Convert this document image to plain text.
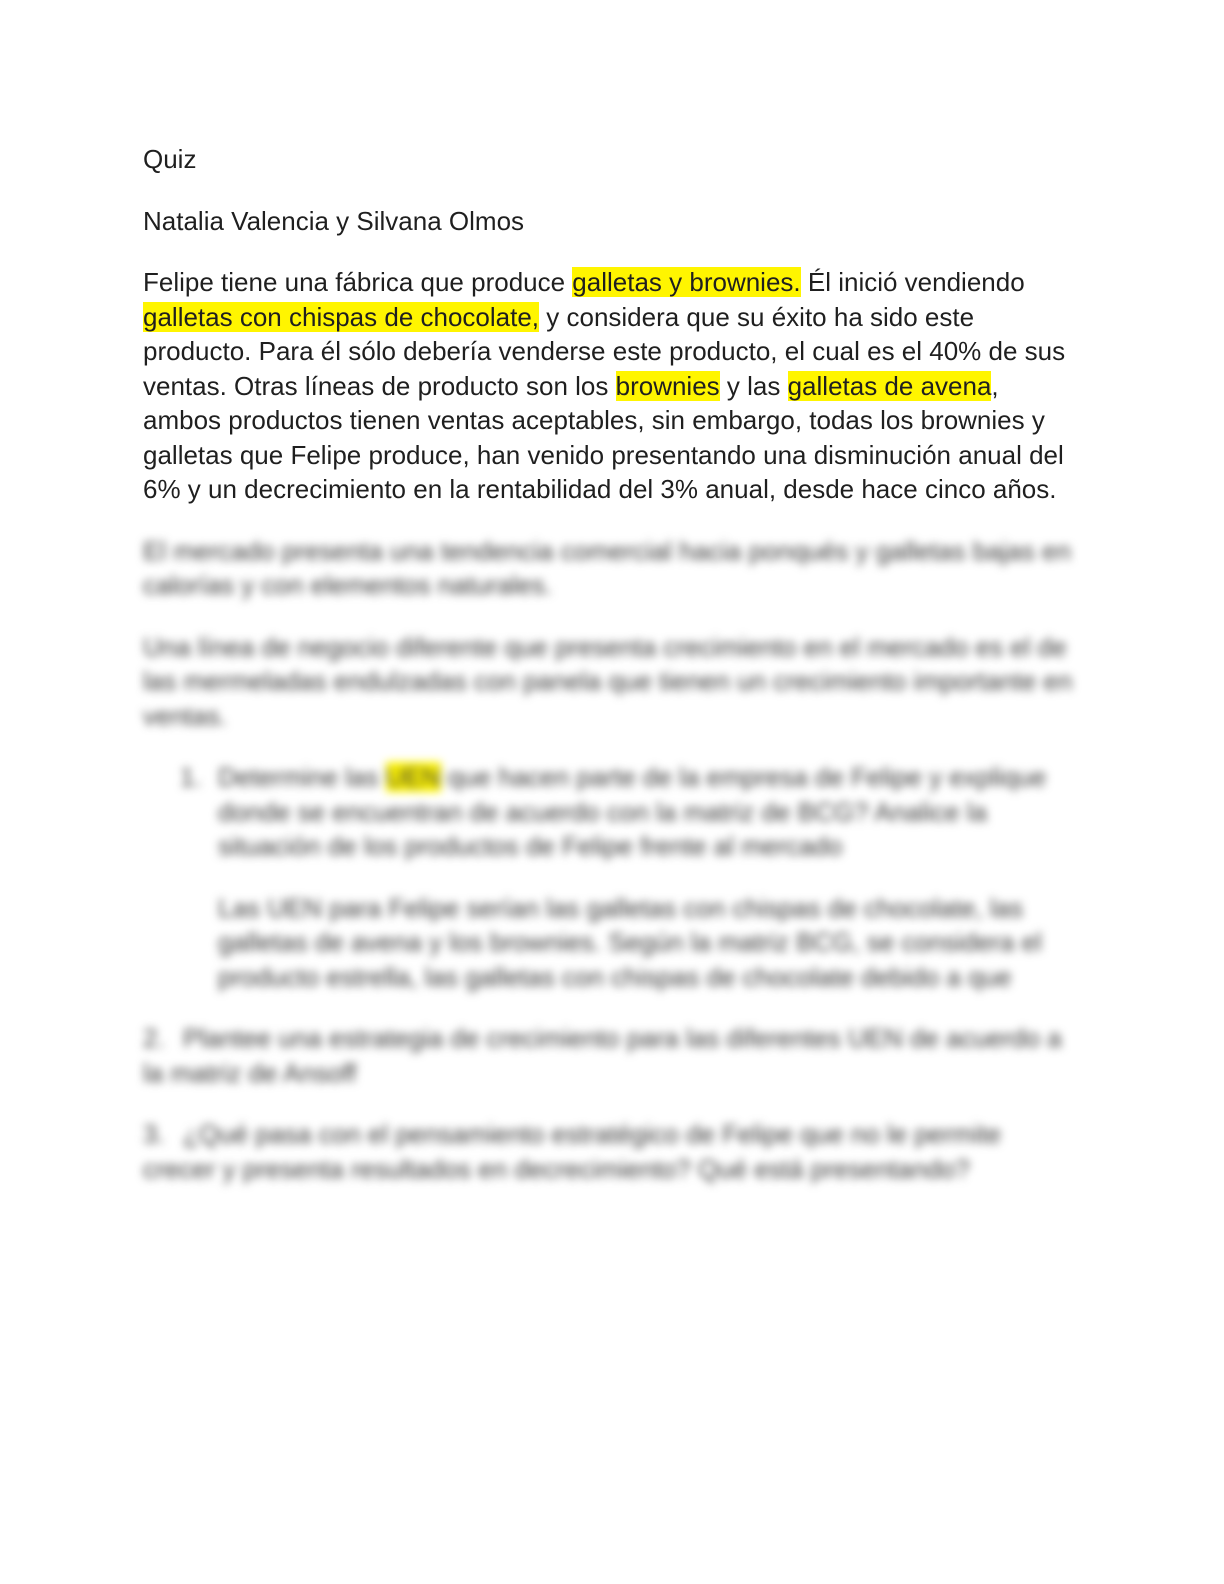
Quiz

Natalia Valencia y Silvana Olmos

Felipe tiene una fábrica que produce galletas y brownies. Él inició vendiendo galletas con chispas de chocolate, y considera que su éxito ha sido este producto. Para él sólo debería venderse este producto, el cual es el 40% de sus ventas. Otras líneas de producto son los brownies y las galletas de avena, ambos productos tienen ventas aceptables, sin embargo, todas los brownies y galletas que Felipe produce, han venido presentando una disminución anual del 6% y un decrecimiento en la rentabilidad del 3% anual, desde hace cinco años.

El mercado presenta una tendencia comercial hacia ponqués y galletas bajas en calorías y con elementos naturales.

Una línea de negocio diferente que presenta crecimiento en el mercado es el de las mermeladas endulzadas con panela que tienen un crecimiento importante en ventas.

1. Determine las UEN que hacen parte de la empresa de Felipe y explique donde se encuentran de acuerdo con la matriz de BCG? Analice la situación de los productos de Felipe frente al mercado

Las UEN para Felipe serían las galletas con chispas de chocolate, las galletas de avena y los brownies. Según la matriz BCG, se considera el producto estrella, las galletas con chispas de chocolate debido a que

2. Plantee una estrategia de crecimiento para las diferentes UEN de acuerdo a la matriz de Ansoff

3. ¿Qué pasa con el pensamiento estratégico de Felipe que no le permite crecer y presenta resultados en decrecimiento? Qué está presentando?
